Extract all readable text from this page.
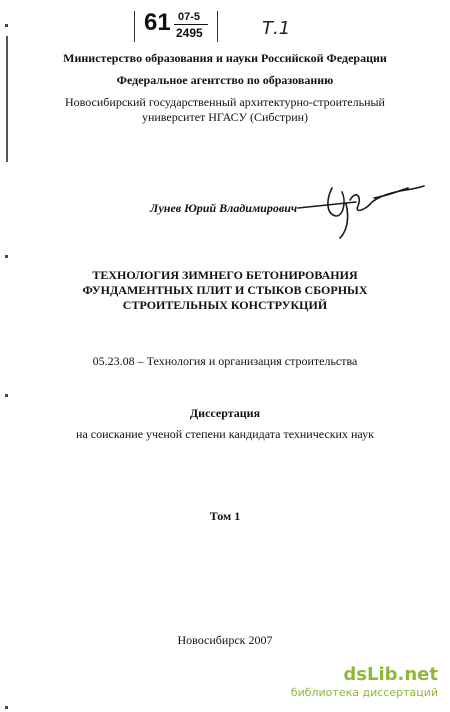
61 07-5
2495	Т.1
Министерство образования и науки Российской Федерации
Федеральное агентство по образованию
Новосибирский государственный архитектурно-строительный
университет НГАСУ (Сибстрин)
Лунев Юрий Владимирович
ТЕХНОЛОГИЯ ЗИМНЕГО БЕТОНИРОВАНИЯ
ФУНДАМЕНТНЫХ ПЛИТ И СТЫКОВ СБОРНЫХ
СТРОИТЕЛЬНЫХ КОНСТРУКЦИЙ
05.23.08 – Технология и организация строительства
Диссертация
на соискание ученой степени кандидата технических наук
Том 1
Новосибирск 2007
dsLib.net
библиотека диссертаций
